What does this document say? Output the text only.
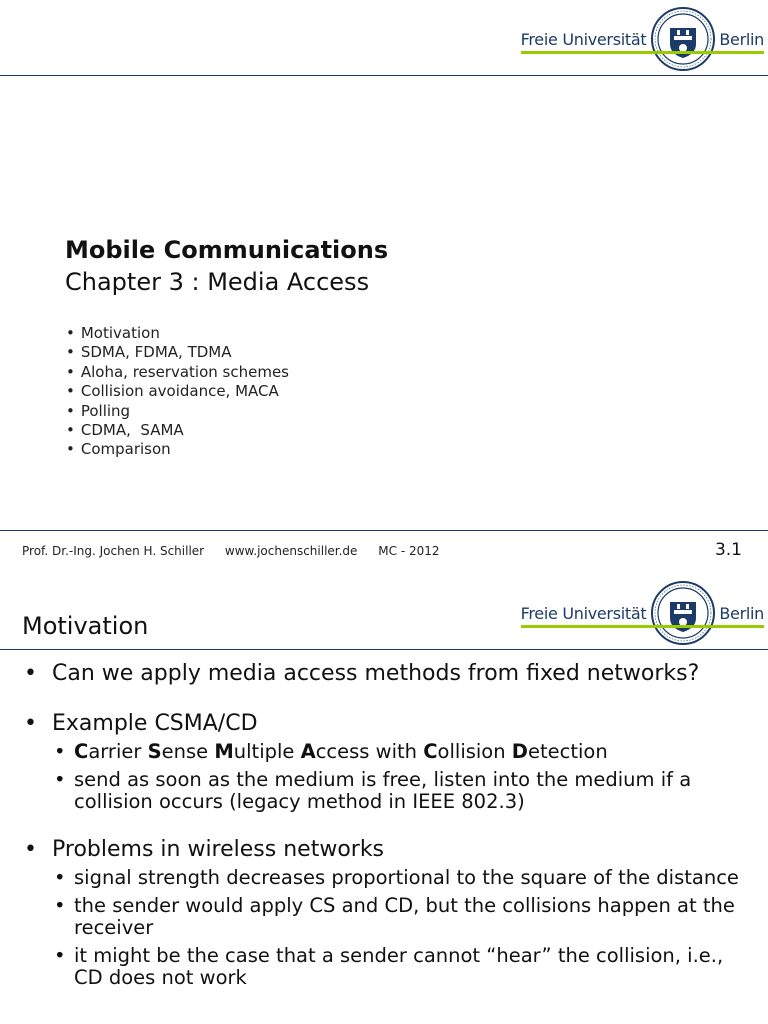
Freie Universität	Berlin
Mobile Communications
Chapter 3 : Media Access
• Motivation
• SDMA, FDMA, TDMA
• Aloha, reservation schemes
• Collision avoidance, MACA
• Polling
• CDMA,  SAMA
• Comparison
Prof. Dr.-Ing. Jochen H. Schiller www.jochenschiller.de MC - 2012	3.1
Freie Universität	Berlin
Motivation
• Can we apply media access methods from fixed networks?
• Example CSMA/CD
• Carrier Sense Multiple Access with Collision Detection
• send as soon as the medium is free, listen into the medium if a collision occurs (legacy method in IEEE 802.3)
• Problems in wireless networks
• signal strength decreases proportional to the square of the distance
• the sender would apply CS and CD, but the collisions happen at the receiver
• it might be the case that a sender cannot “hear” the collision, i.e., CD does not work
